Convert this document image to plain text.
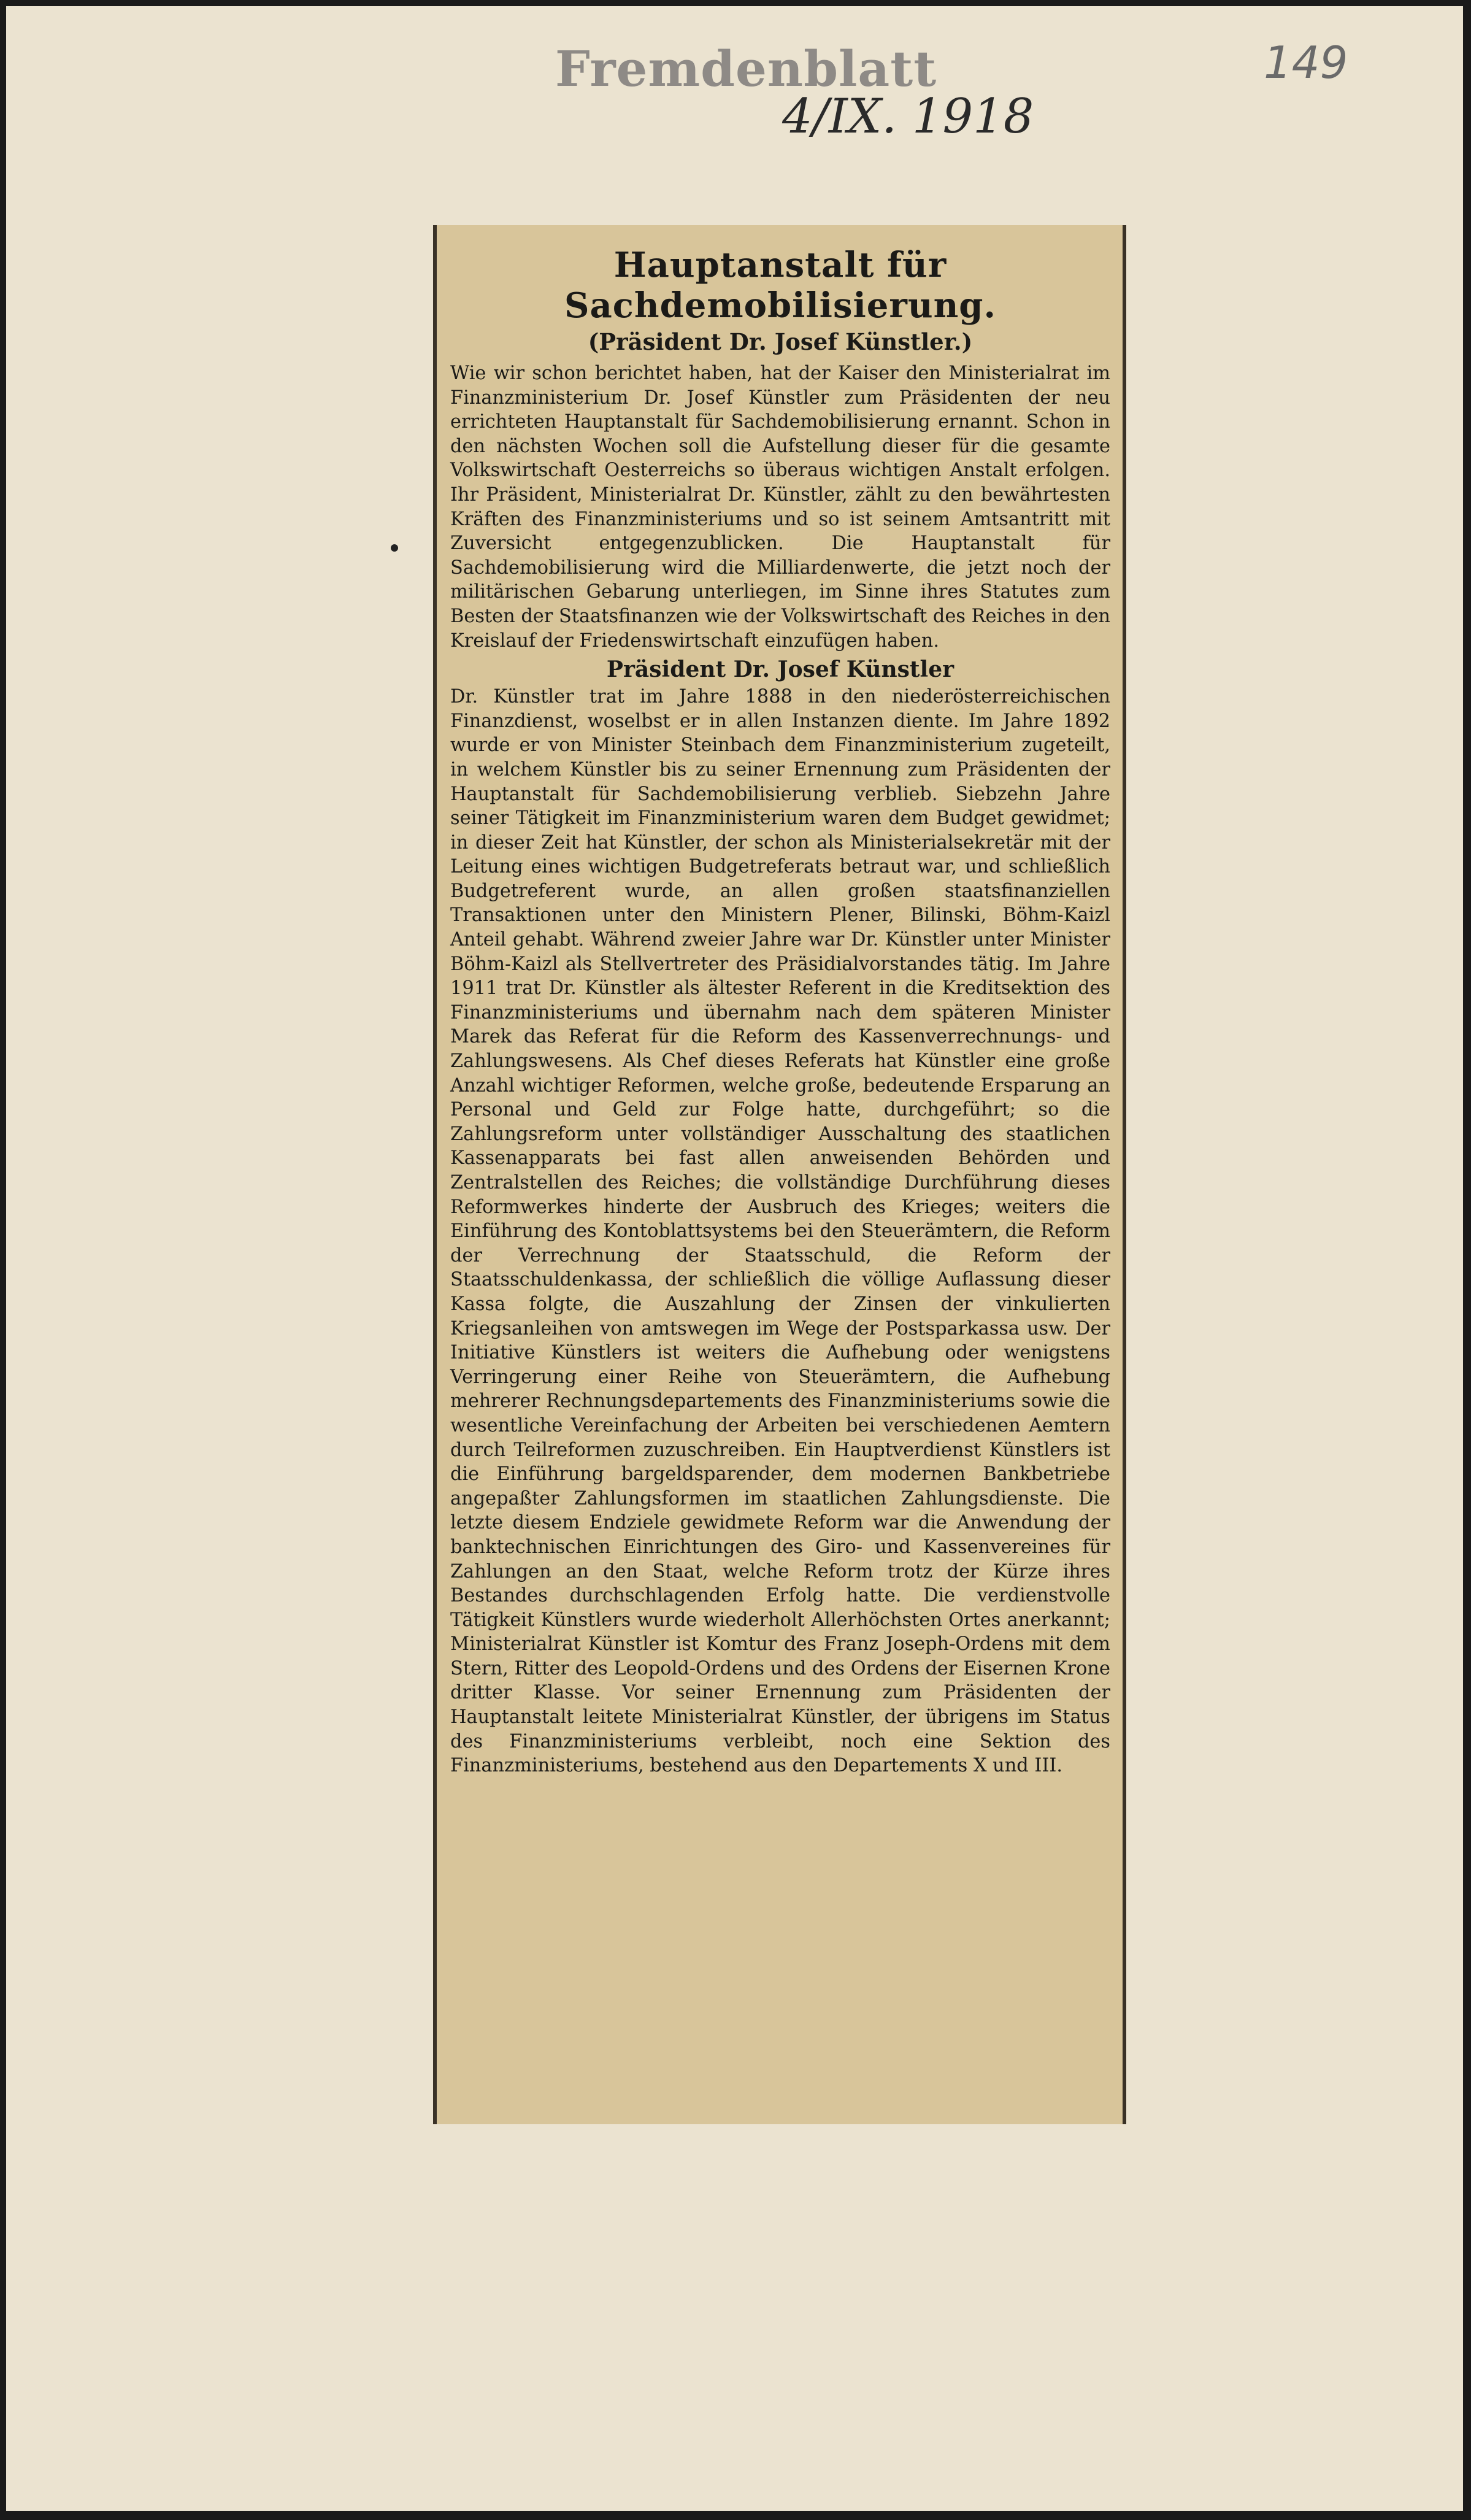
Fremdenblatt
4/IX. 1918
149
Hauptanstalt für Sachdemobilisierung.
(Präsident Dr. Josef Künstler.)

Wie wir schon berichtet haben, hat der Kaiser den Ministerialrat im Finanzministerium Dr. Josef Künstler zum Präsidenten der neu errichteten Hauptanstalt für Sachdemobilisierung ernannt. Schon in den nächsten Wochen soll die Aufstellung dieser für die gesamte Volkswirtschaft Oesterreichs so überaus wichtigen Anstalt erfolgen. Ihr Präsident, Ministerialrat Dr. Künstler, zählt zu den bewährtesten Kräften des Finanzministeriums und so ist seinem Amtsantritt mit Zuversicht entgegenzublicken. Die Hauptanstalt für Sachdemobilisierung wird die Milliardenwerte, die jetzt noch der militärischen Gebarung unterliegen, im Sinne ihres Statutes zum Besten der Staatsfinanzen wie der Volkswirtschaft des Reiches in den Kreislauf der Friedenswirtschaft einzufügen haben.

Präsident Dr. Josef Künstler

Dr. Künstler trat im Jahre 1888 in den niederösterreichischen Finanzdienst, woselbst er in allen Instanzen diente. Im Jahre 1892 wurde er von Minister Steinbach dem Finanzministerium zugeteilt, in welchem Künstler bis zu seiner Ernennung zum Präsidenten der Hauptanstalt für Sachdemobilisierung verblieb. Siebzehn Jahre seiner Tätigkeit im Finanzministerium waren dem Budget gewidmet; in dieser Zeit hat Künstler, der schon als Ministerialsekretär mit der Leitung eines wichtigen Budgetreferats betraut war, und schließlich Budgetreferent wurde, an allen großen staatsfinanziellen Transaktionen unter den Ministern Plener, Bilinski, Böhm-Kaizl Anteil gehabt. Während zweier Jahre war Dr. Künstler unter Minister Böhm-Kaizl als Stellvertreter des Präsidialvorstandes tätig. Im Jahre 1911 trat Dr. Künstler als ältester Referent in die Kreditsektion des Finanzministeriums und übernahm nach dem späteren Minister Marek das Referat für die Reform des Kassenverrechnungs- und Zahlungswesens. Als Chef dieses Referats hat Künstler eine große Anzahl wichtiger Reformen, welche große, bedeutende Ersparung an Personal und Geld zur Folge hatte, durchgeführt; so die Zahlungsreform unter vollständiger Ausschaltung des staatlichen Kassenapparats bei fast allen anweisenden Behörden und Zentralstellen des Reiches; die vollständige Durchführung dieses Reformwerkes hinderte der Ausbruch des Krieges; weiters die Einführung des Kontoblattsystems bei den Steuerämtern, die Reform der Verrechnung der Staatsschuld, die Reform der Staatsschuldenkassa, der schließlich die völlige Auflassung dieser Kassa folgte, die Auszahlung der Zinsen der vinkulierten Kriegsanleihen von amtswegen im Wege der Postsparkassa usw. Der Initiative Künstlers ist weiters die Aufhebung oder wenigstens Verringerung einer Reihe von Steuerämtern, die Aufhebung mehrerer Rechnungsdepartements des Finanzministeriums sowie die wesentliche Vereinfachung der Arbeiten bei verschiedenen Aemtern durch Teilreformen zuzuschreiben. Ein Hauptverdienst Künstlers ist die Einführung bargeldsparender, dem modernen Bankbetriebe angepaßter Zahlungsformen im staatlichen Zahlungsdienste. Die letzte diesem Endziele gewidmete Reform war die Anwendung der banktechnischen Einrichtungen des Giro- und Kassenvereines für Zahlungen an den Staat, welche Reform trotz der Kürze ihres Bestandes durchschlagenden Erfolg hatte. Die verdienstvolle Tätigkeit Künstlers wurde wiederholt Allerhöchsten Ortes anerkannt; Ministerialrat Künstler ist Komtur des Franz Joseph-Ordens mit dem Stern, Ritter des Leopold-Ordens und des Ordens der Eisernen Krone dritter Klasse. Vor seiner Ernennung zum Präsidenten der Hauptanstalt leitete Ministerialrat Künstler, der übrigens im Status des Finanzministeriums verbleibt, noch eine Sektion des Finanzministeriums, bestehend aus den Departements X und III.
